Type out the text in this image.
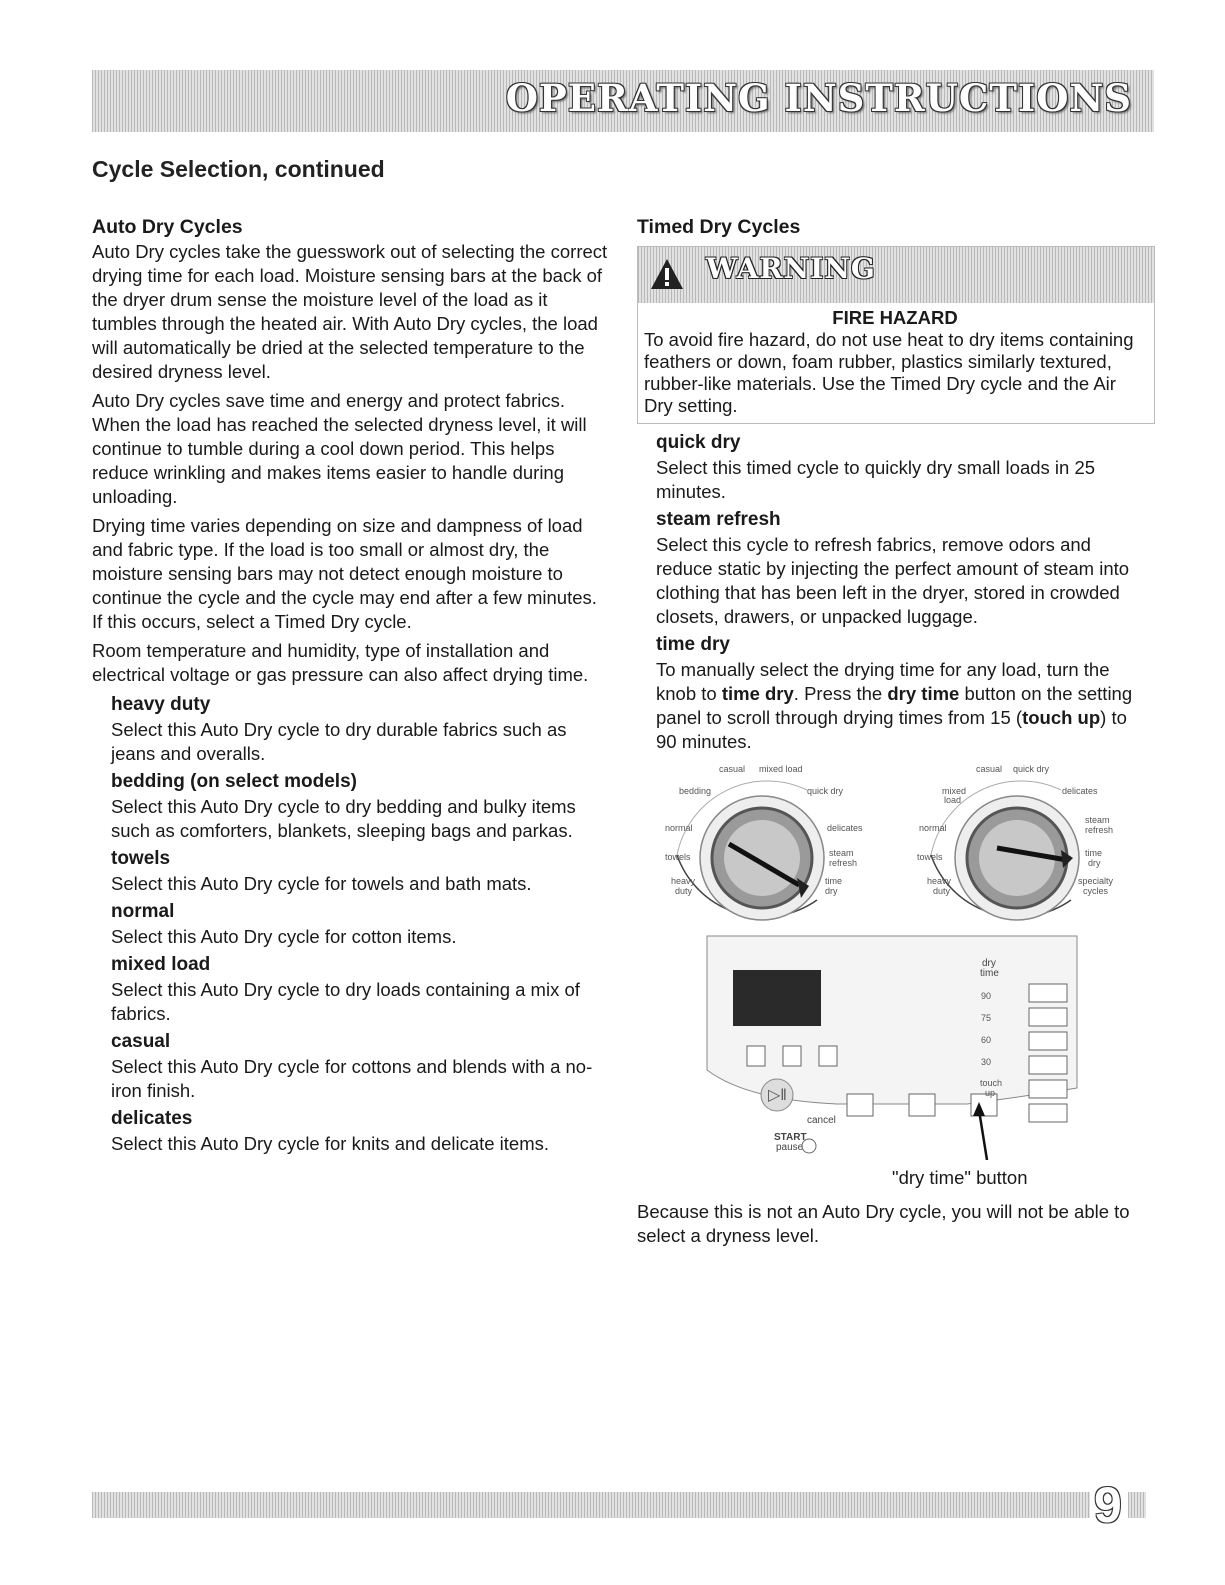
OPERATING INSTRUCTIONS
Cycle Selection, continued
Auto Dry Cycles

Auto Dry cycles take the guesswork out of selecting the correct drying time for each load. Moisture sensing bars at the back of the dryer drum sense the moisture level of the load as it tumbles through the heated air. With Auto Dry cycles, the load will automatically be dried at the selected temperature to the desired dryness level.

Auto Dry cycles save time and energy and protect fabrics. When the load has reached the selected dryness level, it will continue to tumble during a cool down period. This helps reduce wrinkling and makes items easier to handle during unloading.

Drying time varies depending on size and dampness of load and fabric type. If the load is too small or almost dry, the moisture sensing bars may not detect enough moisture to continue the cycle and the cycle may end after a few minutes. If this occurs, select a Timed Dry cycle.

Room temperature and humidity, type of installation and electrical voltage or gas pressure can also affect drying time.

heavy duty

Select this Auto Dry cycle to dry durable fabrics such as jeans and overalls.

bedding (on select models)

Select this Auto Dry cycle to dry bedding and bulky items such as comforters, blankets, sleeping bags and parkas.

towels

Select this Auto Dry cycle for towels and bath mats.

normal

Select this Auto Dry cycle for cotton items.

mixed load

Select this Auto Dry cycle to dry loads containing a mix of fabrics.

casual

Select this Auto Dry cycle for cottons and blends with a no-iron finish.

delicates

Select this Auto Dry cycle for knits and delicate items.

Timed Dry Cycles
WARNING
FIRE HAZARD
To avoid fire hazard, do not use heat to dry items containing feathers or down, foam rubber, plastics similarly textured, rubber-like materials. Use the Timed Dry cycle and the Air Dry setting.
quick dry

Select this timed cycle to quickly dry small loads in 25 minutes.

steam refresh

Select this cycle to refresh fabrics, remove odors and reduce static by injecting the perfect amount of steam into clothing that has been left in the dryer, stored in crowded closets, drawers, or unpacked luggage.

time dry

To manually select the drying time for any load, turn the knob to time dry. Press the dry time button on the setting panel to scroll through drying times from 15 (touch up) to 90 minutes.

casual mixed load
bedding	quick dry
normal	delicates
towels	steam
refresh
heavy
duty
time
dry
casual quick dry
mixed
load
delicates
normal
steam
refresh
towels	time
dry
heavy
duty
specialty
cycles
▷‖
cancel
START
pause
dry
time
90
75
60
30
touch
up
"dry time" button

Because this is not an Auto Dry cycle, you will not be able to select a dryness level.

9
